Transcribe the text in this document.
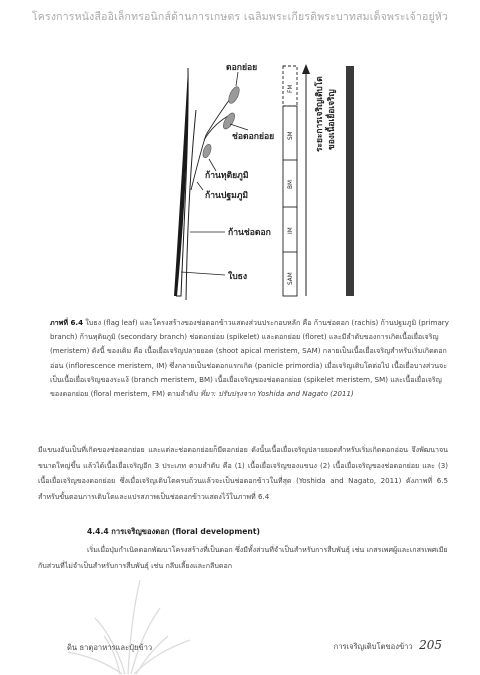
โครงการหนังสืออิเล็กทรอนิกส์ด้านการเกษตร เฉลิมพระเกียรติพระบาทสมเด็จพระเจ้าอยู่หัว
ดอกย่อย
ช่อดอกย่อย
ก้านทุติยภูมิ
ก้านปฐมภูมิ
ก้านช่อดอก
ใบธง
FM
SM
BM
IM
SAM
ระยะการเจริญเติบโต ของเนื้อเยื่อเจริญ
ภาพที่ 6.4 ใบธง (flag leaf) และโครงสร้างของช่อดอกข้าวแสดงส่วนประกอบหลัก คือ ก้านช่อดอก (rachis) ก้านปฐมภูมิ (primary branch) ก้านทุติยภูมิ (secondary branch) ช่อดอกย่อย (spikelet) และดอกย่อย (floret) และมีลำดับของการเกิดเนื้อเยื่อเจริญ (meristem) ดังนี้ ของเดิม คือ เนื้อเยื่อเจริญปลายยอด (shoot apical meristem, SAM) กลายเป็นเนื้อเยื่อเจริญสำหรับเริ่มเกิดดอกอ่อน (inflorescence meristem, IM) ซึ่งกลายเป็นช่อดอกแรกเกิด (panicle primordia) เมื่อเจริญเติบโตต่อไป เนื้อเยื่อบางส่วนจะเป็นเนื้อเยื่อเจริญของระแง้ (branch meristem, BM) เนื้อเยื่อเจริญของช่อดอกย่อย (spikelet meristem, SM) และเนื้อเยื่อเจริญของดอกย่อย (floral meristem, FM) ตามลำดับ ที่มา: ปรับปรุงจาก Yoshida and Nagato (2011)
มีแขนงอันเป็นที่เกิดของช่อดอกย่อย และแต่ละช่อดอกย่อยก็มีดอกย่อย ดังนั้นเนื้อเยื่อเจริญปลายยอดสำหรับเริ่มเกิดดอกอ่อน จึงพัฒนาจนขนาดใหญ่ขึ้น แล้วได้เนื้อเยื่อเจริญอีก 3 ประเภท ตามลำดับ คือ (1) เนื้อเยื่อเจริญของแขนง (2) เนื้อเยื่อเจริญของช่อดอกย่อย และ (3) เนื้อเยื่อเจริญของดอกย่อย ซึ่งเมื่อเจริญเติบโตครบถ้วนแล้วจะเป็นช่อดอกข้าวในที่สุด (Yoshida and Nagato, 2011) ดังภาพที่ 6.5 สำหรับขั้นตอนการเติบโตและแปรสภาพเป็นช่อดอกข้าวแสดงไว้ในภาพที่ 6.4
4.4.4 การเจริญของดอก (floral development)
เริ่มเมื่อปุ่มกำเนิดดอกพัฒนาโครงสร้างที่เป็นดอก ซึ่งมีทั้งส่วนที่จำเป็นสำหรับการสืบพันธุ์ เช่น เกสรเพศผู้และเกสรเพศเมีย กับส่วนที่ไม่จำเป็นสำหรับการสืบพันธุ์ เช่น กลีบเลี้ยงและกลีบดอก
ดิน ธาตุอาหารและปุ๋ยข้าว	การเจริญเติบโตของข้าว 205
